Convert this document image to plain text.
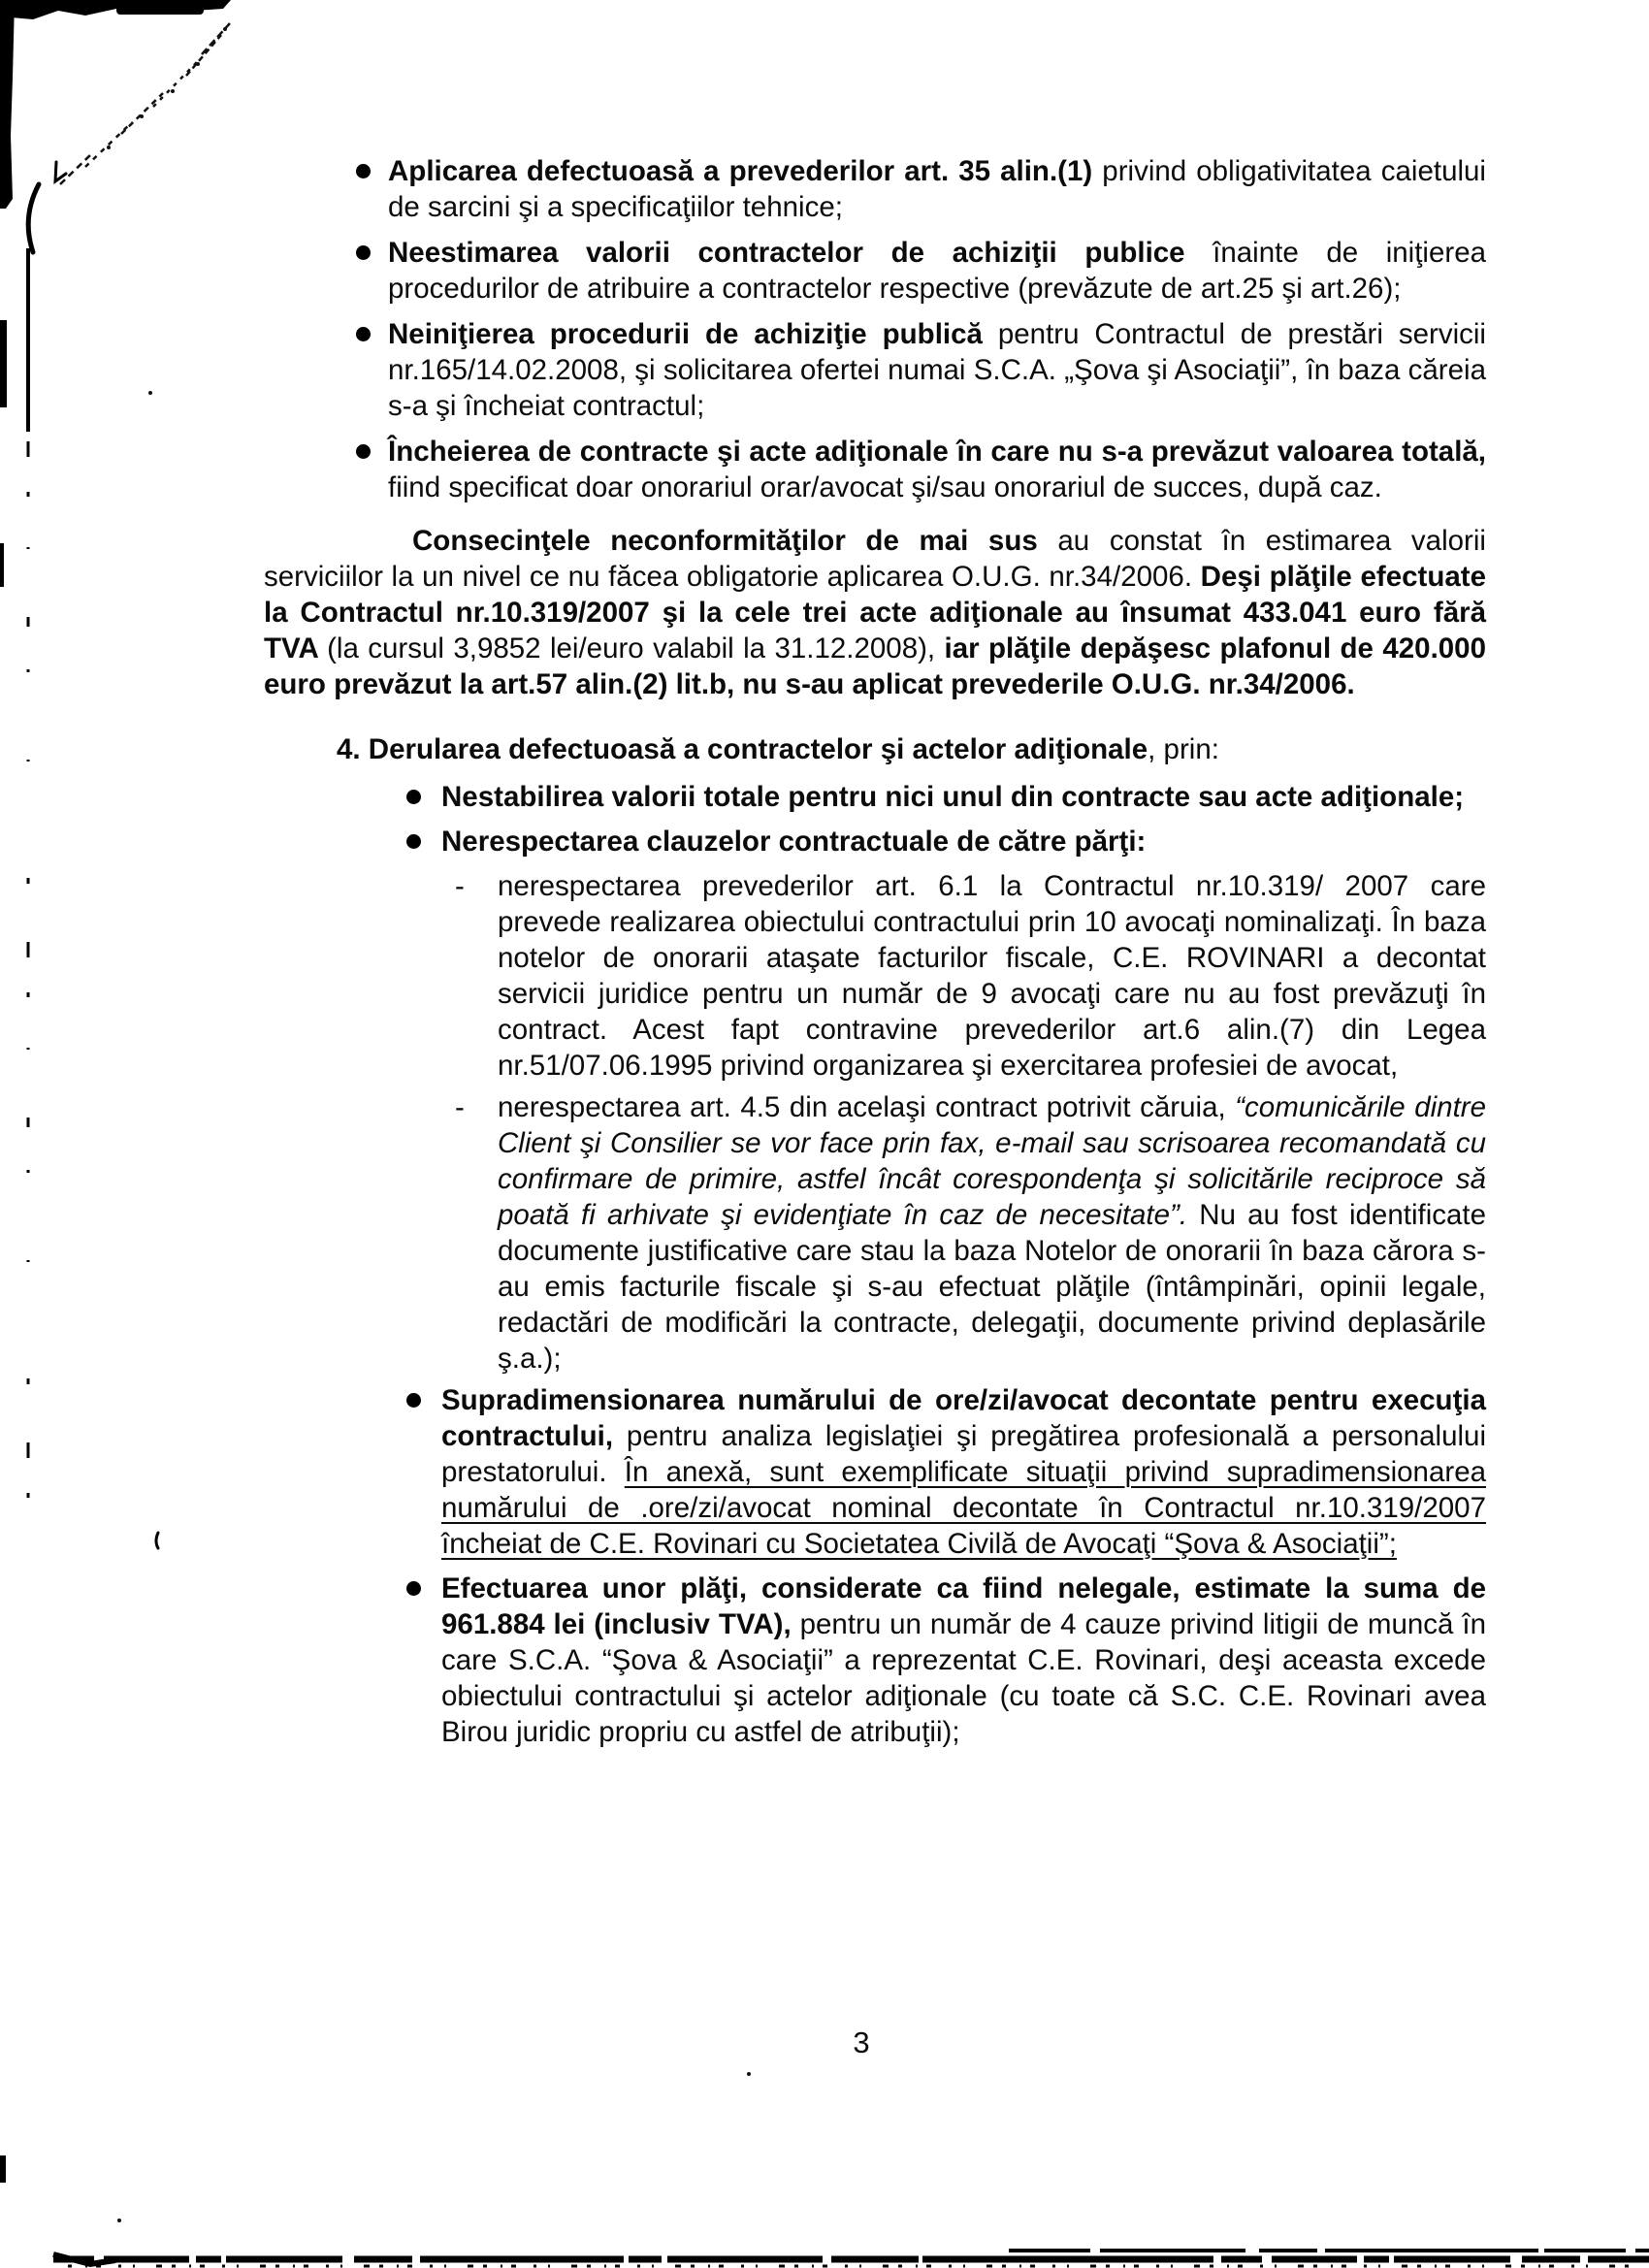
Aplicarea defectuoasă a prevederilor art. 35 alin.(1) privind obligativitatea caietului de sarcini şi a specificaţiilor tehnice;
Neestimarea valorii contractelor de achiziţii publice înainte de iniţierea procedurilor de atribuire a contractelor respective (prevăzute de art.25 şi art.26);
Neiniţierea procedurii de achiziţie publică pentru Contractul de prestări servicii nr.165/14.02.2008, şi solicitarea ofertei numai S.C.A. „Şova şi Asociaţii”, în baza căreia s-a şi încheiat contractul;
Încheierea de contracte şi acte adiţionale în care nu s-a prevăzut valoarea totală, fiind specificat doar onorariul orar/avocat şi/sau onorariul de succes, după caz.
Consecinţele neconformităţilor de mai sus au constat în estimarea valorii serviciilor la un nivel ce nu făcea obligatorie aplicarea O.U.G. nr.34/2006. Deşi plăţile efectuate la Contractul nr.10.319/2007 şi la cele trei acte adiţionale au însumat 433.041 euro fără TVA (la cursul 3,9852 lei/euro valabil la 31.12.2008), iar plăţile depăşesc plafonul de 420.000 euro prevăzut la art.57 alin.(2) lit.b, nu s-au aplicat prevederile O.U.G. nr.34/2006.
4. Derularea defectuoasă a contractelor şi actelor adiţionale, prin:
Nestabilirea valorii totale pentru nici unul din contracte sau acte adiţionale;
Nerespectarea clauzelor contractuale de către părţi:
- nerespectarea prevederilor art. 6.1 la Contractul nr.10.319/ 2007 care prevede realizarea obiectului contractului prin 10 avocaţi nominalizaţi. În baza notelor de onorarii ataşate facturilor fiscale, C.E. ROVINARI a decontat servicii juridice pentru un număr de 9 avocaţi care nu au fost prevăzuţi în contract. Acest fapt contravine prevederilor art.6 alin.(7) din Legea nr.51/07.06.1995 privind organizarea şi exercitarea profesiei de avocat,
- nerespectarea art. 4.5 din acelaşi contract potrivit căruia, “comunicările dintre Client şi Consilier se vor face prin fax, e-mail sau scrisoarea recomandată cu confirmare de primire, astfel încât corespondenţa şi solicitările reciproce să poată fi arhivate şi evidenţiate în caz de necesitate”. Nu au fost identificate documente justificative care stau la baza Notelor de onorarii în baza cărora s-au emis facturile fiscale şi s-au efectuat plăţile (întâmpinări, opinii legale, redactări de modificări la contracte, delegaţii, documente privind deplasările ş.a.);
Supradimensionarea numărului de ore/zi/avocat decontate pentru execuţia contractului, pentru analiza legislaţiei şi pregătirea profesională a personalului prestatorului. În anexă, sunt exemplificate situaţii privind supradimensionarea numărului de .ore/zi/avocat nominal decontate în Contractul nr.10.319/2007 încheiat de C.E. Rovinari cu Societatea Civilă de Avocaţi “Şova & Asociaţii”;
Efectuarea unor plăţi, considerate ca fiind nelegale, estimate la suma de 961.884 lei (inclusiv TVA), pentru un număr de 4 cauze privind litigii de muncă în care S.C.A. “Şova & Asociaţii” a reprezentat C.E. Rovinari, deşi aceasta excede obiectului contractului şi actelor adiţionale (cu toate că S.C. C.E. Rovinari avea Birou juridic propriu cu astfel de atribuţii);
3
